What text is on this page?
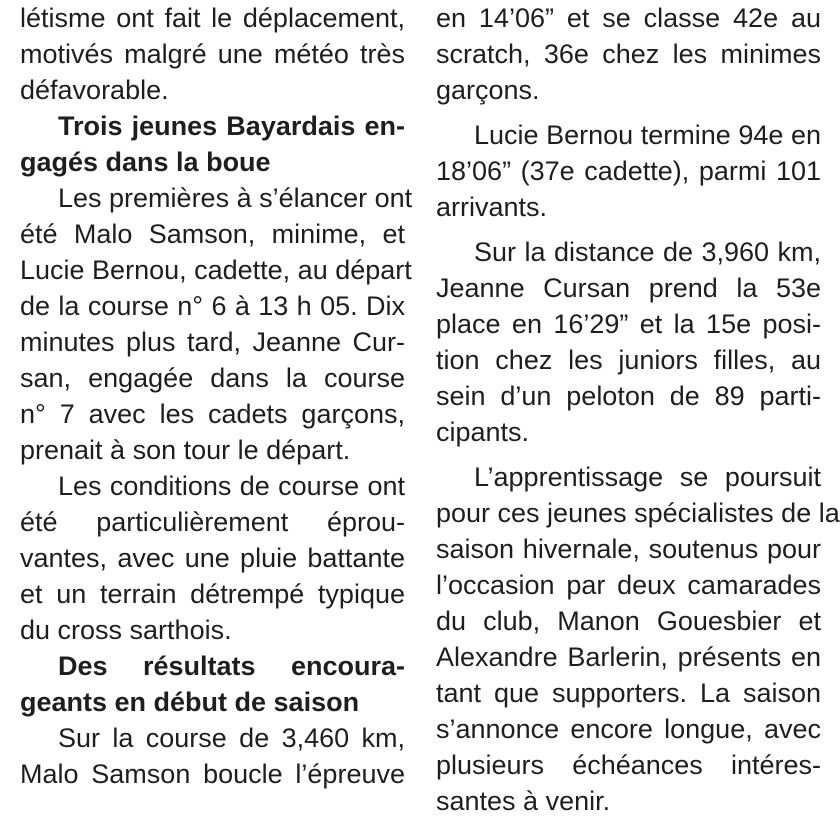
létisme ont fait le déplacement,
motivés malgré une météo très
défavorable.
Trois jeunes Bayardais en-
gagés dans la boue
Les premières à s’élancer ont
été Malo Samson, minime, et
Lucie Bernou, cadette, au départ
de la course n° 6 à 13 h 05. Dix
minutes plus tard, Jeanne Cur-
san, engagée dans la course
n° 7 avec les cadets garçons,
prenait à son tour le départ.
Les conditions de course ont
été particulièrement éprou-
vantes, avec une pluie battante
et un terrain détrempé typique
du cross sarthois.
Des résultats encoura-
geants en début de saison
Sur la course de 3,460 km,
Malo Samson boucle l’épreuve
en 14’06” et se classe 42e au
scratch, 36e chez les minimes
garçons.
Lucie Bernou termine 94e en
18’06” (37e cadette), parmi 101
arrivants.
Sur la distance de 3,960 km,
Jeanne Cursan prend la 53e
place en 16’29” et la 15e posi-
tion chez les juniors filles, au
sein d’un peloton de 89 parti-
cipants.
L’apprentissage se poursuit
pour ces jeunes spécialistes de la
saison hivernale, soutenus pour
l’occasion par deux camarades
du club, Manon Gouesbier et
Alexandre Barlerin, présents en
tant que supporters. La saison
s’annonce encore longue, avec
plusieurs échéances intéres-
santes à venir.
